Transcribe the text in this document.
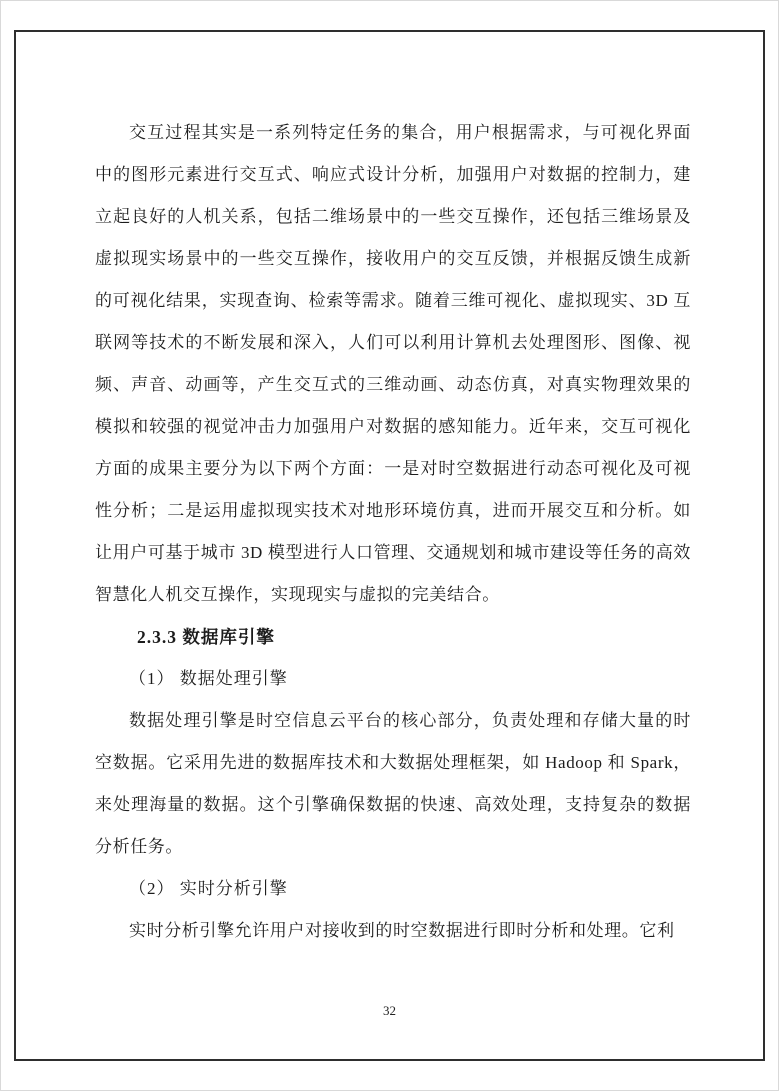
交互过程其实是一系列特定任务的集合，用户根据需求，与可视化界面中的图形元素进行交互式、响应式设计分析，加强用户对数据的控制力，建立起良好的人机关系，包括二维场景中的一些交互操作，还包括三维场景及虚拟现实场景中的一些交互操作，接收用户的交互反馈，并根据反馈生成新的可视化结果，实现查询、检索等需求。随着三维可视化、虚拟现实、3D 互联网等技术的不断发展和深入，人们可以利用计算机去处理图形、图像、视频、声音、动画等，产生交互式的三维动画、动态仿真，对真实物理效果的模拟和较强的视觉冲击力加强用户对数据的感知能力。近年来，交互可视化方面的成果主要分为以下两个方面：一是对时空数据进行动态可视化及可视性分析；二是运用虚拟现实技术对地形环境仿真，进而开展交互和分析。如让用户可基于城市 3D 模型进行人口管理、交通规划和城市建设等任务的高效智慧化人机交互操作，实现现实与虚拟的完美结合。

2.3.3 数据库引擎

（1） 数据处理引擎

数据处理引擎是时空信息云平台的核心部分，负责处理和存储大量的时空数据。它采用先进的数据库技术和大数据处理框架，如 Hadoop 和 Spark，来处理海量的数据。这个引擎确保数据的快速、高效处理，支持复杂的数据分析任务。

（2） 实时分析引擎

实时分析引擎允许用户对接收到的时空数据进行即时分析和处理。它利

32
